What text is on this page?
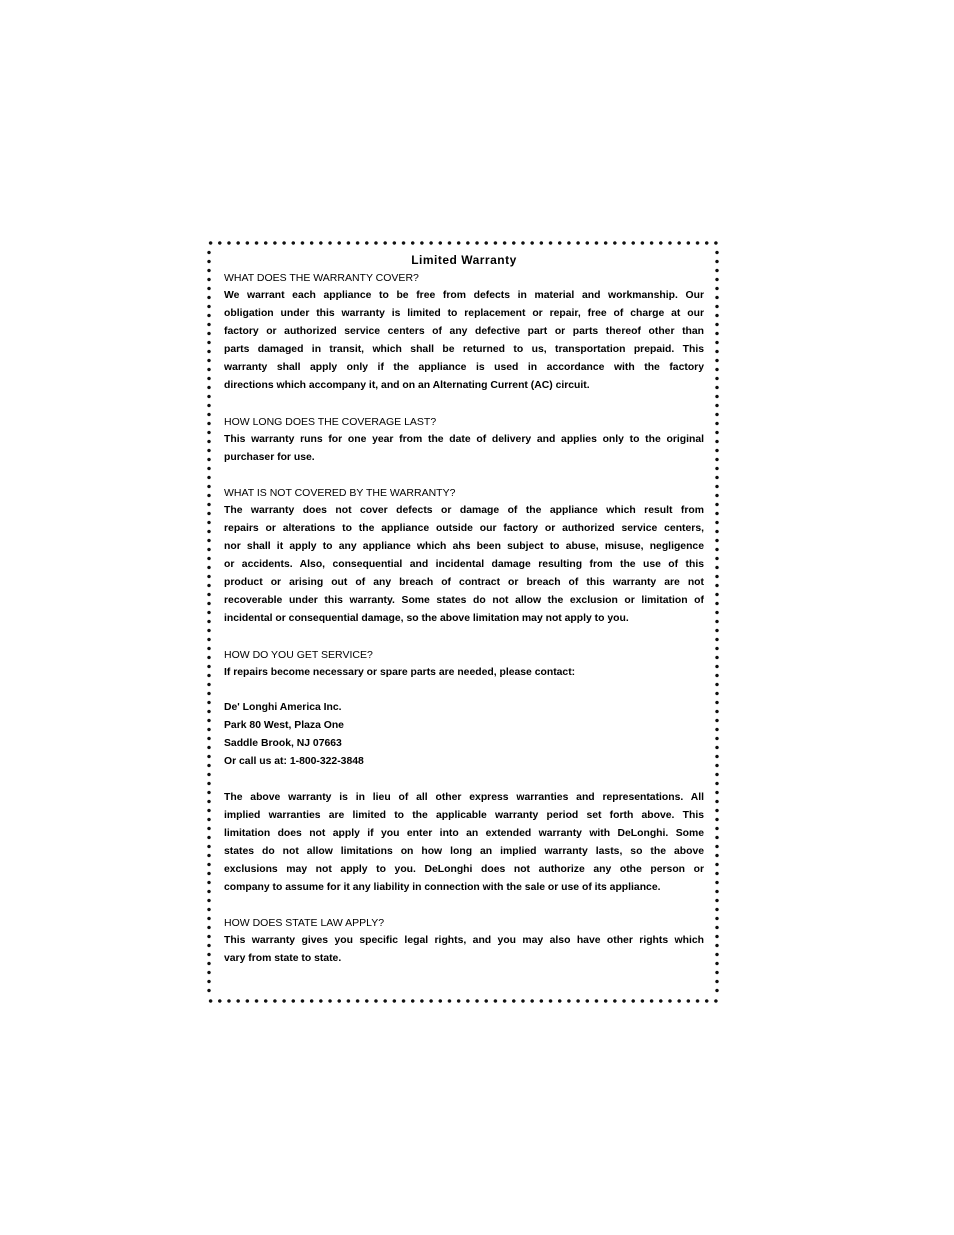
Limited Warranty
WHAT DOES THE WARRANTY COVER?

We warrant each appliance to be free from defects in material and workmanship. Our
obligation under this warranty is limited to replacement or repair, free of charge at our
factory or authorized service centers of any defective part or parts thereof other than
parts damaged in transit, which shall be returned to us, transportation prepaid. This
warranty shall apply only if the appliance is used in accordance with the factory
directions which accompany it, and on an Alternating Current (AC) circuit.

HOW LONG DOES THE COVERAGE LAST?

This warranty runs for one year from the date of delivery and applies only to the original
purchaser for use.

WHAT IS NOT COVERED BY THE WARRANTY?

The warranty does not cover defects or damage of the appliance which result from
repairs or alterations to the appliance outside our factory or authorized service centers,
nor shall it apply to any appliance which ahs been subject to abuse, misuse, negligence
or accidents. Also, consequential and incidental damage resulting from the use of this
product or arising out of any breach of contract or breach of this warranty are not
recoverable under this warranty. Some states do not allow the exclusion or limitation of
incidental or consequential damage, so the above limitation may not apply to you.

HOW DO YOU GET SERVICE?

If repairs become necessary or spare parts are needed, please contact:

De' Longhi America Inc.
Park 80 West, Plaza One
Saddle Brook, NJ 07663
Or call us at: 1-800-322-3848

The above warranty is in lieu of all other express warranties and representations. All
implied warranties are limited to the applicable warranty period set forth above. This
limitation does not apply if you enter into an extended warranty with DeLonghi. Some
states do not allow limitations on how long an implied warranty lasts, so the above
exclusions may not apply to you. DeLonghi does not authorize any othe person or
company to assume for it any liability in connection with the sale or use of its appliance.

HOW DOES STATE LAW APPLY?

This warranty gives you specific legal rights, and you may also have other rights which
vary from state to state.
